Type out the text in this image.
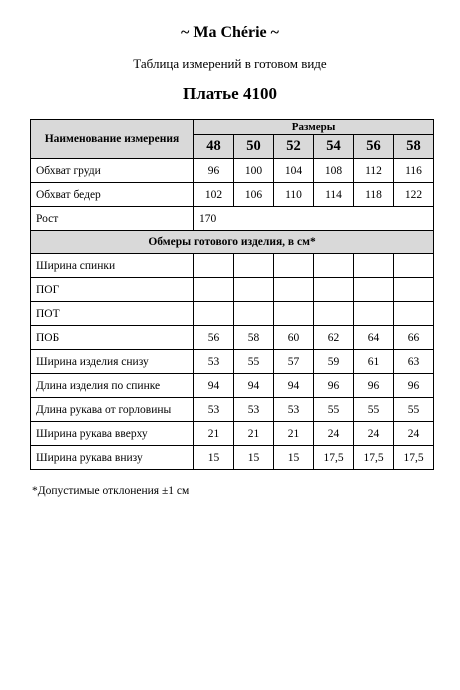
~ Ma Chérie ~
Таблица измерений в готовом виде
Платье 4100
Наименование измерения	Размеры					
	48	50	52	54	56	58
Обхват груди	96	100	104	108	112	116
Обхват бедер	102	106	110	114	118	122
Рост	170					
Обмеры готового изделия, в см*						
Ширина спинки						
ПОГ						
ПОТ						
ПОБ	56	58	60	62	64	66
Ширина изделия снизу	53	55	57	59	61	63
Длина изделия по спинке	94	94	94	96	96	96
Длина рукава от горловины	53	53	53	55	55	55
Ширина рукава вверху	21	21	21	24	24	24
Ширина рукава внизу	15	15	15	17,5	17,5	17,5
*Допустимые отклонения ±1 см
